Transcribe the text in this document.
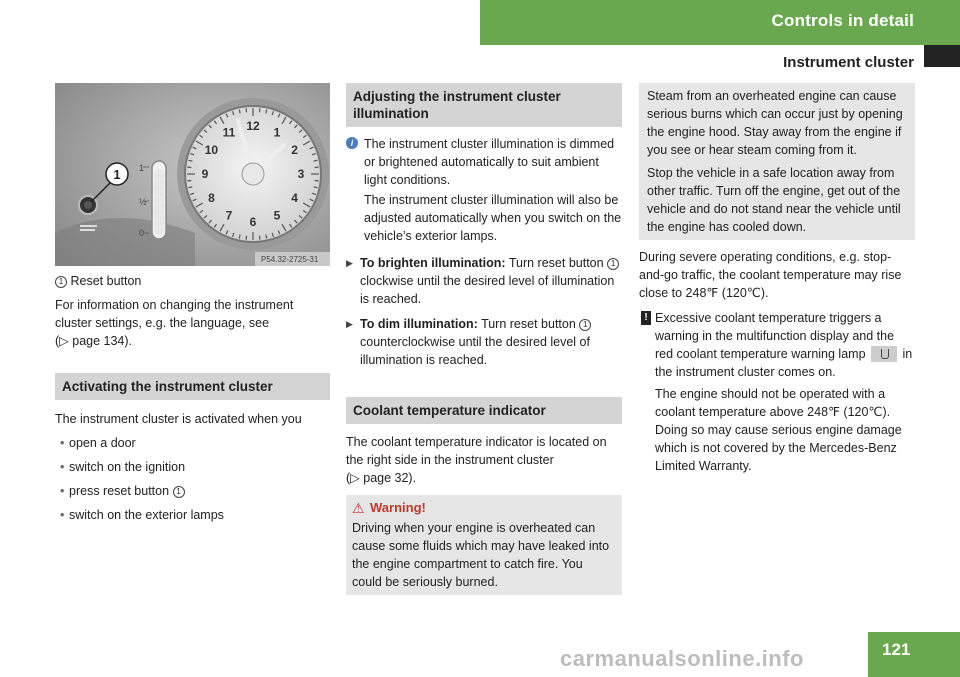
Controls in detail
Instrument cluster
12 1
2
3
4
5
6
7
8
9
10
11
1
½
0
1
P54.32-2725-31
1 Reset button

For information on changing the instrument cluster settings, e.g. the language, see
(▷ page 134).

Activating the instrument cluster

The instrument cluster is activated when you

• open a door
• switch on the ignition
• press reset button 1
• switch on the exterior lamps
Adjusting the instrument cluster illumination
i The instrument cluster illumination is dimmed or brightened automatically to suit ambient light conditions.

The instrument cluster illumination will also be adjusted automatically when you switch on the vehicle’s exterior lamps.

▶ To brighten illumination: Turn reset button 1 clockwise until the desired level of illumination is reached.
▶ To dim illumination: Turn reset button 1 counterclockwise until the desired level of illumination is reached.
Coolant temperature indicator

The coolant temperature indicator is located on the right side in the instrument cluster
(▷ page 32).

⚠ Warning!

Driving when your engine is overheated can cause some fluids which may have leaked into the engine compartment to catch fire. You could be seriously burned.

Steam from an overheated engine can cause serious burns which can occur just by opening the engine hood. Stay away from the engine if you see or hear steam coming from it.

Stop the vehicle in a safe location away from other traffic. Turn off the engine, get out of the vehicle and do not stand near the vehicle until the engine has cooled down.

During severe operating conditions, e.g. stop-and-go traffic, the coolant temperature may rise close to 248℉ (120℃).

! Excessive coolant temperature triggers a warning in the multifunction display and the red coolant temperature warning lamp	in the instrument cluster comes on.

The engine should not be operated with a coolant temperature above 248℉ (120℃). Doing so may cause serious engine damage which is not covered by the Mercedes-Benz Limited Warranty.

121
carmanualsonline.info
